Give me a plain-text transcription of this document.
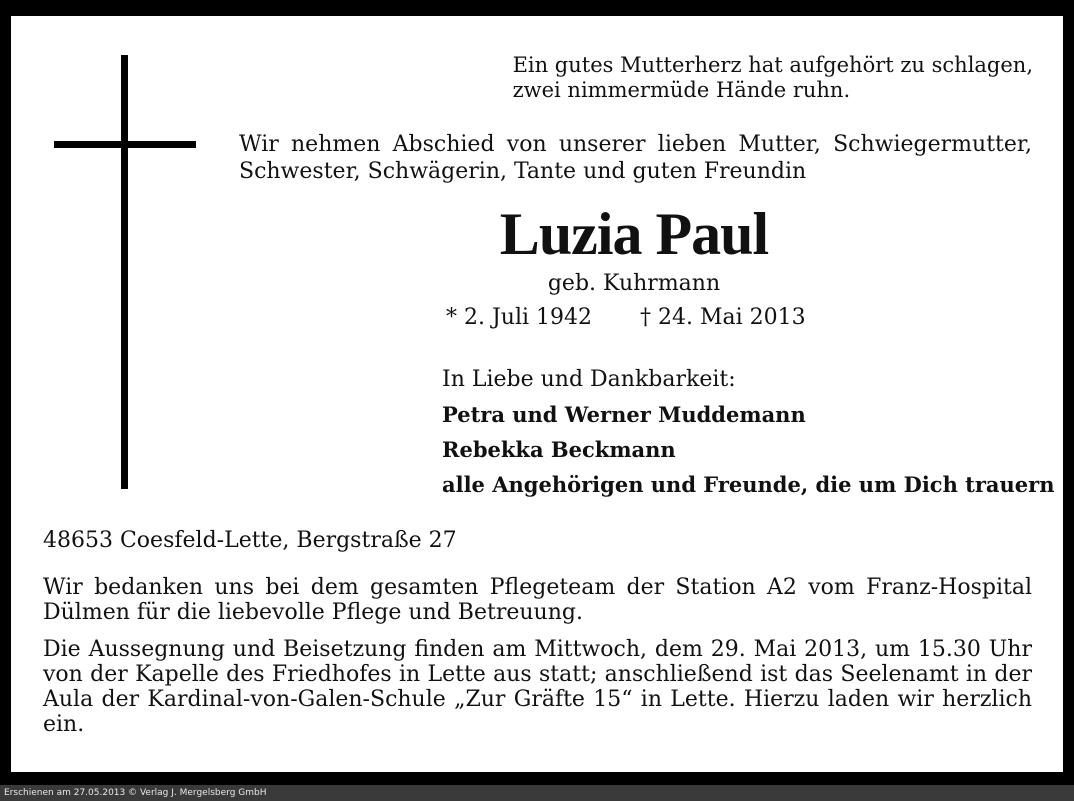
Ein gutes Mutterherz hat aufgehört zu schlagen,
zwei nimmermüde Hände ruhn.
Wir nehmen Abschied von unserer lieben Mutter, Schwiegermutter,
Schwester, Schwägerin, Tante und guten Freundin
Luzia Paul
geb. Kuhrmann
* 2. Juli 1942 † 24. Mai 2013
In Liebe und Dankbarkeit:
Petra und Werner Muddemann
Rebekka Beckmann
alle Angehörigen und Freunde, die um Dich trauern
48653 Coesfeld-Lette, Bergstraße 27
Wir bedanken uns bei dem gesamten Pflegeteam der Station A2 vom Franz-Hospital
Dülmen für die liebevolle Pflege und Betreuung.
Die Aussegnung und Beisetzung finden am Mittwoch, dem 29. Mai 2013, um 15.30 Uhr
von der Kapelle des Friedhofes in Lette aus statt; anschließend ist das Seelenamt in der
Aula der Kardinal-von-Galen-Schule „Zur Gräfte 15“ in Lette. Hierzu laden wir herzlich
ein.
Erschienen am 27.05.2013 © Verlag J. Mergelsberg GmbH
